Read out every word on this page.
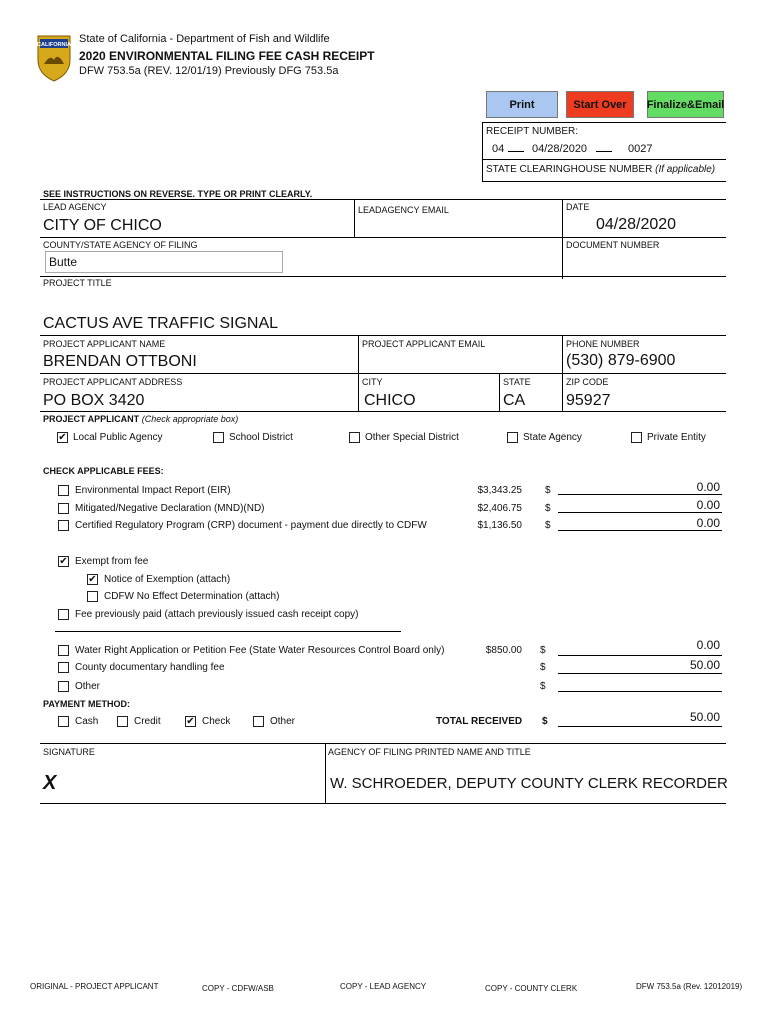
CALIFORNIA State of California - Department of Fish and Wildlife
2020 ENVIRONMENTAL FILING FEE CASH RECEIPT
DFW 753.5a (REV. 12/01/19) Previously DFG 753.5a
Print	Start Over	Finalize&Email
RECEIPT NUMBER:
04	04/28/2020	0027
STATE CLEARINGHOUSE NUMBER (If applicable)
SEE INSTRUCTIONS ON REVERSE. TYPE OR PRINT CLEARLY.
LEAD AGENCY
CITY OF CHICO
LEADAGENCY EMAIL	DATE
04/28/2020
COUNTY/STATE AGENCY OF FILING
Butte
DOCUMENT NUMBER
PROJECT TITLE
CACTUS AVE TRAFFIC SIGNAL
PROJECT APPLICANT NAME
BRENDAN OTTBONI
PROJECT APPLICANT EMAIL	PHONE NUMBER
(530) 879-6900
PROJECT APPLICANT ADDRESS
PO BOX 3420
CITY
CHICO
STATE
CA
ZIP CODE
95927
PROJECT APPLICANT (Check appropriate box)
✔ Local Public Agency	School District	Other Special District	State Agency	Private Entity
CHECK APPLICABLE FEES:
Environmental Impact Report (EIR)	$3,343.25 $	0.00
Mitigated/Negative Declaration (MND)(ND)	$2,406.75 $	0.00
Certified Regulatory Program (CRP) document - payment due directly to CDFW	$1,136.50 $	0.00
✔ Exempt from fee
✔ Notice of Exemption (attach)
CDFW No Effect Determination (attach)
Fee previously paid (attach previously issued cash receipt copy)
Water Right Application or Petition Fee (State Water Resources Control Board only)	$850.00 $	0.00
County documentary handling fee	$	50.00
Other	$
PAYMENT METHOD:
Cash	Credit	✔ Check	Other	TOTAL RECEIVED $	50.00
SIGNATURE
X
AGENCY OF FILING PRINTED NAME AND TITLE
W. SCHROEDER, DEPUTY COUNTY CLERK RECORDER
ORIGINAL - PROJECT APPLICANT	COPY - CDFW/ASB	COPY - LEAD AGENCY	COPY - COUNTY CLERK	DFW 753.5a (Rev. 12012019)
